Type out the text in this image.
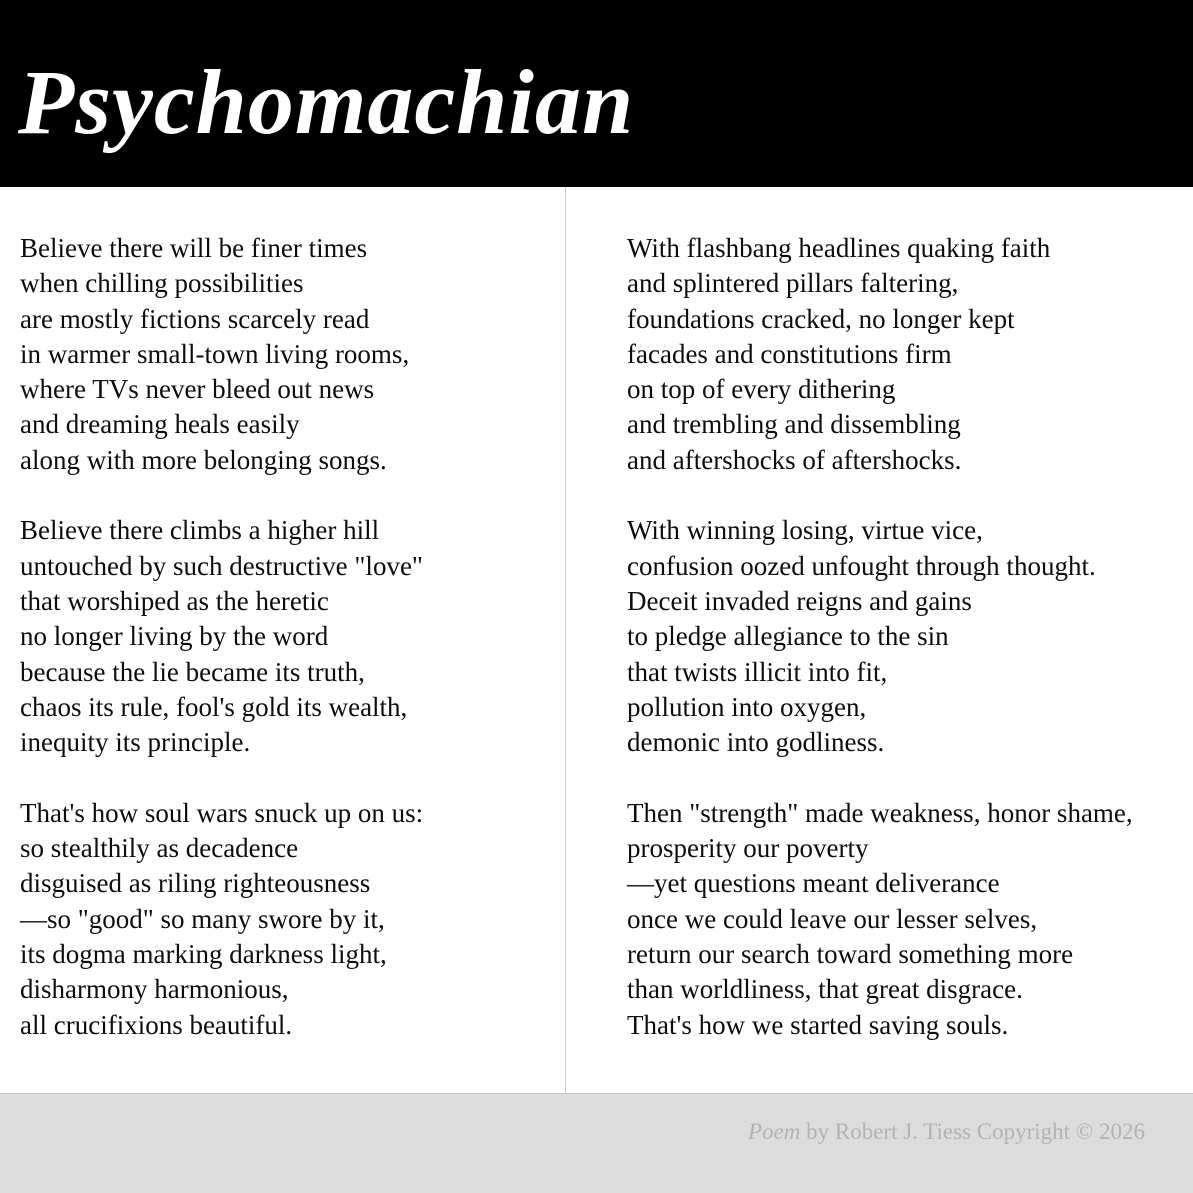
Psychomachian
Believe there will be finer times
when chilling possibilities
are mostly fictions scarcely read
in warmer small-town living rooms,
where TVs never bleed out news
and dreaming heals easily
along with more belonging songs.
Believe there climbs a higher hill
untouched by such destructive "love"
that worshiped as the heretic
no longer living by the word
because the lie became its truth,
chaos its rule, fool's gold its wealth,
inequity its principle.
That's how soul wars snuck up on us:
so stealthily as decadence
disguised as riling righteousness
—so "good" so many swore by it,
its dogma marking darkness light,
disharmony harmonious,
all crucifixions beautiful.
With flashbang headlines quaking faith
and splintered pillars faltering,
foundations cracked, no longer kept
facades and constitutions firm
on top of every dithering
and trembling and dissembling
and aftershocks of aftershocks.
With winning losing, virtue vice,
confusion oozed unfought through thought.
Deceit invaded reigns and gains
to pledge allegiance to the sin
that twists illicit into fit,
pollution into oxygen,
demonic into godliness.
Then "strength" made weakness, honor shame,
prosperity our poverty
—yet questions meant deliverance
once we could leave our lesser selves,
return our search toward something more
than worldliness, that great disgrace.
That's how we started saving souls.
Poem by Robert J. Tiess Copyright © 2026
